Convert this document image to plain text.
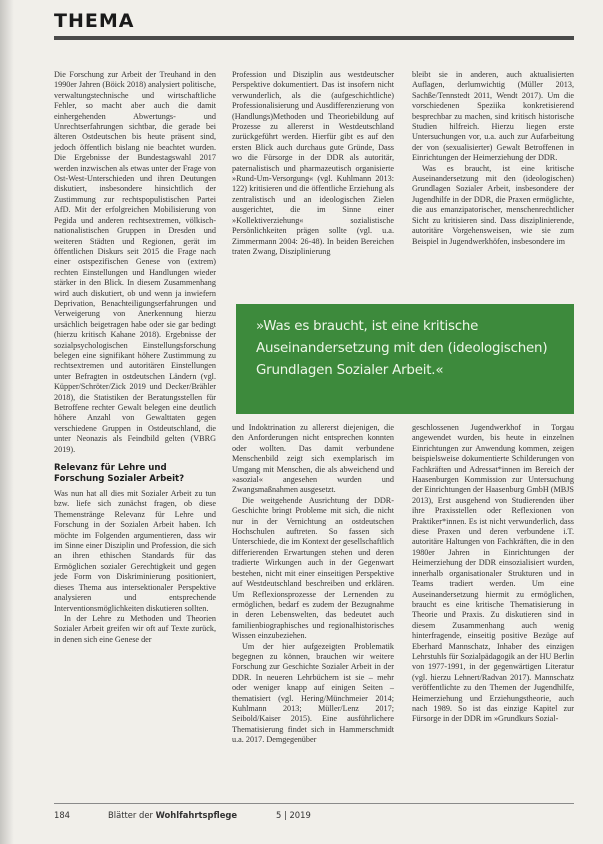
THEMA

Die Forschung zur Arbeit der Treuhand in den 1990er Jahren (Böick 2018) analysiert politische, verwaltungstechnische und wirtschaftliche Fehler, so macht aber auch die damit einhergehenden Abwertungs- und Unrechtserfahrungen sichtbar, die gerade bei älteren Ostdeutschen bis heute präsent sind, jedoch öffentlich bislang nie beachtet wurden. Die Ergebnisse der Bundestagswahl 2017 werden inzwischen als etwas unter der Frage von Ost-West-Unterschieden und ihren Deutungen diskutiert, insbesondere hinsichtlich der Zustimmung zur rechtspopulistischen Partei AfD. Mit der erfolgreichen Mobilisierung von Pegida und anderen rechtsextremen, völkisch-nationalistischen Gruppen in Dresden und weiteren Städten und Regionen, gerät im öffentlichen Diskurs seit 2015 die Frage nach einer ostspezifischen Genese von (extrem) rechten Einstellungen und Handlungen wieder stärker in den Blick. In diesem Zusammenhang wird auch diskutiert, ob und wenn ja inwiefern Deprivation, Benachteiligungserfahrungen und Verweigerung von Anerkennung hierzu ursächlich beigetragen habe oder sie gar bedingt (hierzu kritisch Kahane 2018). Ergebnisse der sozialpsychologischen Einstellungsforschung belegen eine signifikant höhere Zustimmung zu rechtsextremen und autoritären Einstellungen unter Befragten in ostdeutschen Ländern (vgl. Küpper/Schröter/Zick 2019 und Decker/Brähler 2018), die Statistiken der Beratungsstellen für Betroffene rechter Gewalt belegen eine deutlich höhere Anzahl von Gewalttaten gegen verschiedene Gruppen in Ostdeutschland, die unter Neonazis als Feindbild gelten (VBRG 2019).

Relevanz für Lehre und Forschung Sozialer Arbeit?

Was nun hat all dies mit Sozialer Arbeit zu tun bzw. liefe sich zunächst fragen, ob diese Themenstränge Relevanz für Lehre und Forschung in der Sozialen Arbeit haben. Ich möchte im Folgenden argumentieren, dass wir im Sinne einer Disziplin und Profession, die sich an ihren ethischen Standards für das Ermöglichen sozialer Gerechtigkeit und gegen jede Form von Diskriminierung positioniert, dieses Thema aus intersektionaler Perspektive analysieren und entsprechende Interventionsmöglichkeiten diskutieren sollten.

In der Lehre zu Methoden und Theorien Sozialer Arbeit greifen wir oft auf Texte zurück, in denen sich eine Genese der

Profession und Disziplin aus westdeutscher Perspektive dokumentiert. Das ist insofern nicht verwunderlich, als die (aufgeschichtliche) Professionalisierung und Ausdifferenzierung von (Handlungs)Methoden und Theoriebildung auf Prozesse zu allererst in Westdeutschland zurückgeführt werden. Hierfür gibt es auf den ersten Blick auch durchaus gute Gründe, Dass wo die Fürsorge in der DDR als autoritär, paternalistisch und pharmazeutisch organisierte »Rund-Um-Versorgung« (vgl. Kuhlmann 2013: 122) kritisieren und die öffentliche Erziehung als zentralistisch und an ideologischen Zielen ausgerichtet, die im Sinne einer »Kollektiverziehung« sozialistische Persönlichkeiten prägen sollte (vgl. u.a. Zimmermann 2004: 26-48). In beiden Bereichen traten Zwang, Disziplinierung

bleibt sie in anderen, auch aktualisierten Auflagen, derlumwichtig (Müller 2013, Sachße/Tennstedt 2011, Wendt 2017). Um die vorschiedenen Speziika konkretisierend besprechbar zu machen, sind kritisch historische Studien hilfreich. Hierzu liegen erste Untersuchungen vor, u.a. auch zur Aufarbeitung der von (sexualisierter) Gewalt Betroffenen in Einrichtungen der Heimerziehung der DDR.

Was es braucht, ist eine kritische Auseinandersetzung mit den (ideologischen) Grundlagen Sozialer Arbeit, insbesondere der Jugendhilfe in der DDR, die Praxen ermöglichte, die aus emanzipatorischer, menschenrechtlicher Sicht zu kritisieren sind. Dass disziplinierende, autoritäre Vorgehensweisen, wie sie zum Beispiel in Jugendwerkhöfen, insbesondere im

»Was es braucht, ist eine kritische Auseinandersetzung mit den (ideologischen) Grundlagen Sozialer Arbeit.«

und Indoktrination zu allererst diejenigen, die den Anforderungen nicht entsprechen konnten oder wollten. Das damit verbundene Menschenbild zeigt sich exemplarisch im Umgang mit Menschen, die als abweichend und »asozial« angesehen wurden und Zwangsmaßnahmen ausgesetzt.

Die weitgehende Ausrichtung der DDR-Geschichte bringt Probleme mit sich, die nicht nur in der Vernichtung an ostdeutschen Hochschulen auftreten. So fassen sich Unterschiede, die im Kontext der gesellschaftlich differierenden Erwartungen stehen und deren tradierte Wirkungen auch in der Gegenwart bestehen, nicht mit einer einseitigen Perspektive auf Westdeutschland beschreiben und erklären. Um Reflexionsprozesse der Lernenden zu ermöglichen, bedarf es zudem der Bezugnahme in deren Lebenswelten, das bedeutet auch familienbiographisches und regionalhistorisches Wissen einzubeziehen.

Um der hier aufgezeigten Problematik begegnen zu können, brauchen wir weitere Forschung zur Geschichte Sozialer Arbeit in der DDR. In neueren Lehrbüchern ist sie – mehr oder weniger knapp auf einigen Seiten – thematisiert (vgl. Hering/Münchmeier 2014; Kuhlmann 2013; Müller/Lenz 2017; Seibold/Kaiser 2015). Eine ausführlichere Thematisierung findet sich in Hammerschmidt u.a. 2017. Demgegenüber

geschlossenen Jugendwerkhof in Torgau angewendet wurden, bis heute in einzelnen Einrichtungen zur Anwendung kommen, zeigen beispielsweise dokumentierte Schilderungen von Fachkräften und Adressat*innen im Bereich der Haasenburgen Kommission zur Untersuchung der Einrichtungen der Haasenburg GmbH (MBJS 2013), Erst ausgehend von Studierenden über ihre Praxisstellen oder Reflexionen von Praktiker*innen. Es ist nicht verwunderlich, dass diese Praxen und deren verbundene i.T. autoritäre Haltungen von Fachkräften, die in den 1980er Jahren in Einrichtungen der Heimerziehung der DDR einsozialisiert wurden, innerhalb organisationaler Strukturen und in Teams tradiert werden. Um eine Auseinandersetzung hiermit zu ermöglichen, braucht es eine kritische Thematisierung in Theorie und Praxis. Zu diskutieren sind in diesem Zusammenhang auch wenig hinterfragende, einseitig positive Bezüge auf Eberhard Mannschatz, Inhaber des einzigen Lehrstuhls für Sozialpädagogik an der HU Berlin von 1977-1991, in der gegenwärtigen Literatur (vgl. hierzu Lehnert/Radvan 2017). Mannschatz veröffentlichte zu den Themen der Jugendhilfe, Heimerziehung und Erziehungstheorie, auch nach 1989. So ist das einzige Kapitel zur Fürsorge in der DDR im »Grundkurs Sozial-

184	Blätter der Wohlfahrtspflege	5 | 2019
